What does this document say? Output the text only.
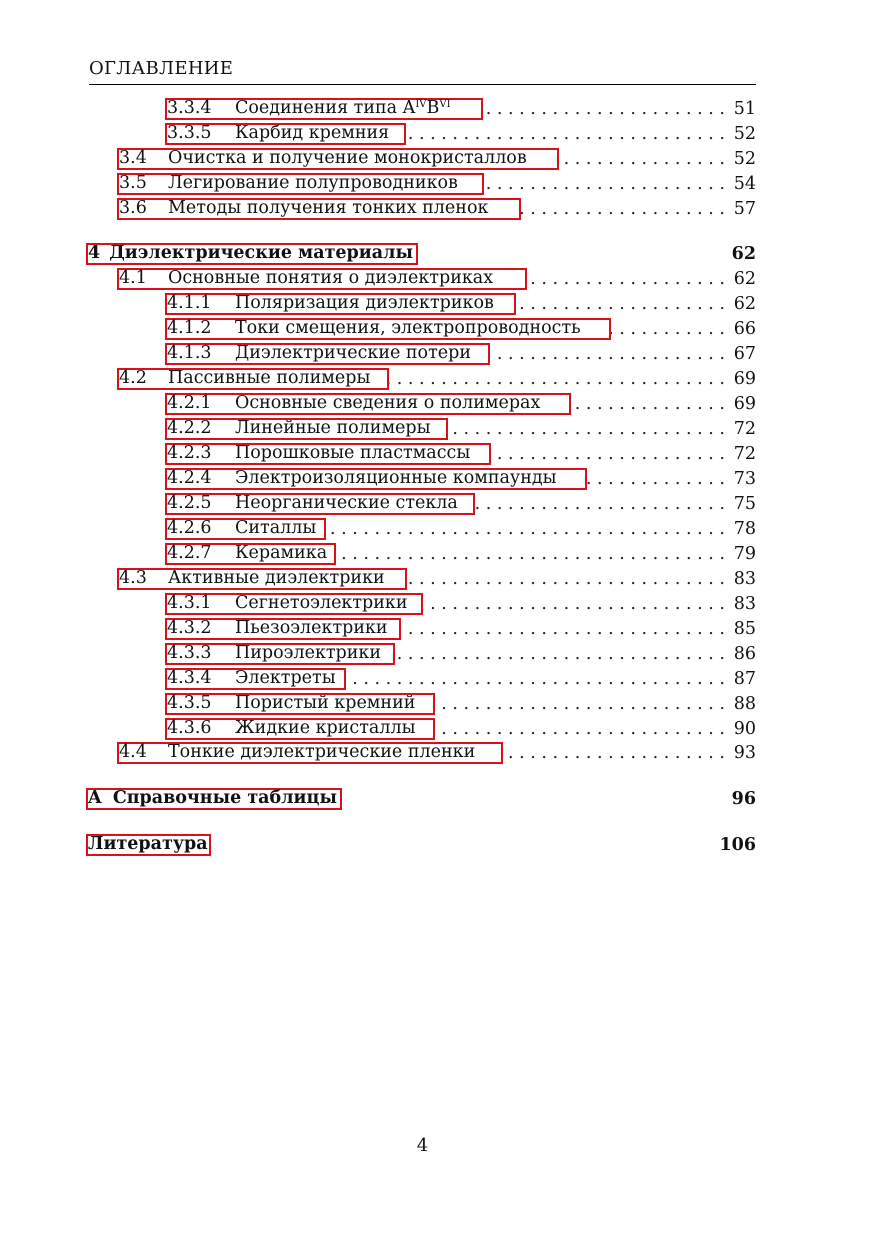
ОГЛАВЛЕНИЕ
3.3.4	Соединения типа $A^{IV}B^{VI}$ . . .	51
3.3.5	Карбид кремния . . .	52
3.4	Очистка и получение монокристаллов . . .	52
3.5	Легирование полупроводников . . .	54
3.6	Методы получения тонких пленок . . .	57
4 Диэлектрические материалы	62
4.1	Основные понятия о диэлектриках . . .	62
4.1.1	Поляризация диэлектриков . . .	62
4.1.2	Токи смещения, электропроводность . . .	66
4.1.3	Диэлектрические потери . . .	67
4.2	Пассивные полимеры . . .	69
4.2.1	Основные сведения о полимерах . . .	69
4.2.2	Линейные полимеры . . .	72
4.2.3	Порошковые пластмассы . . .	72
4.2.4	Электроизоляционные компаунды . . .	73
4.2.5	Неорганические стекла . . .	75
4.2.6	Ситаллы . . .	78
4.2.7	Керамика . . .	79
4.3	Активные диэлектрики . . .	83
4.3.1	Сегнетоэлектрики . . .	83
4.3.2	Пьезоэлектрики . . .	85
4.3.3	Пироэлектрики . . .	86
4.3.4	Электреты . . .	87
4.3.5	Пористый кремний . . .	88
4.3.6	Жидкие кристаллы . . .	90
4.4	Тонкие диэлектрические пленки . . .	93
A Справочные таблицы	96
Литература	106
4
